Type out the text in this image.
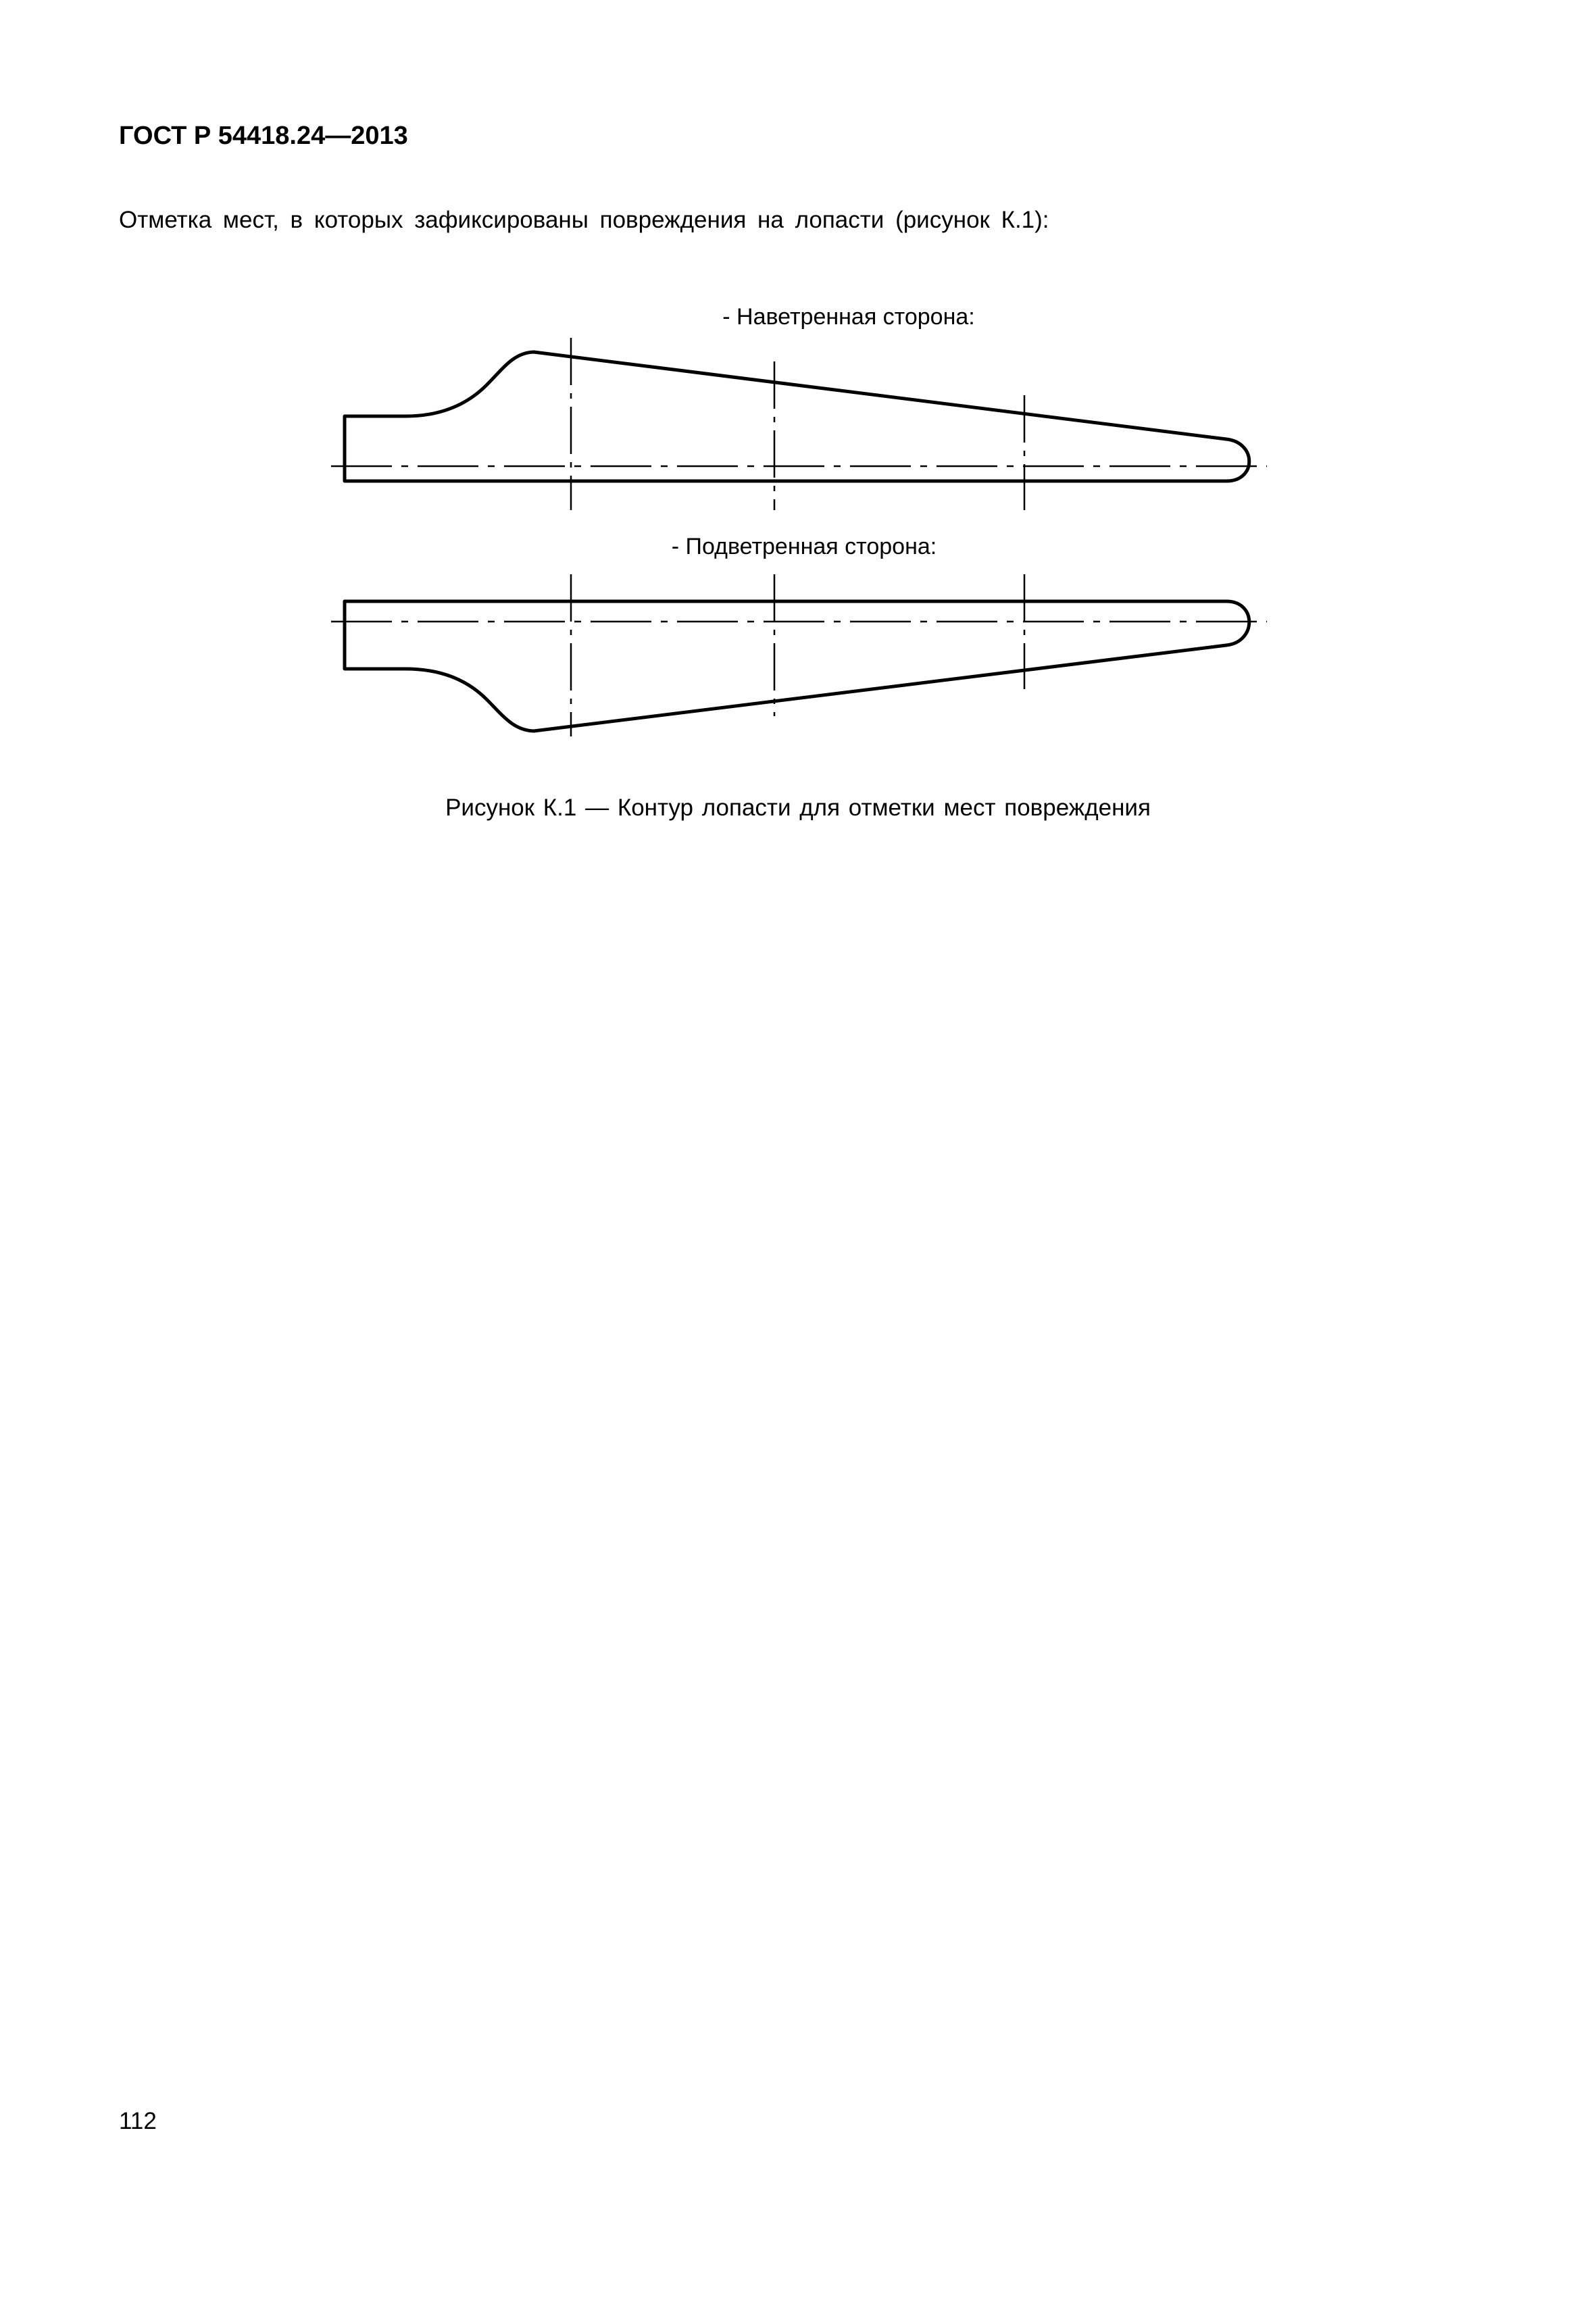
ГОСТ Р 54418.24—2013
Отметка мест, в которых зафиксированы повреждения на лопасти (рисунок К.1):
- Наветренная сторона:
- Подветренная сторона:
Рисунок К.1 — Контур лопасти для отметки мест повреждения
112
